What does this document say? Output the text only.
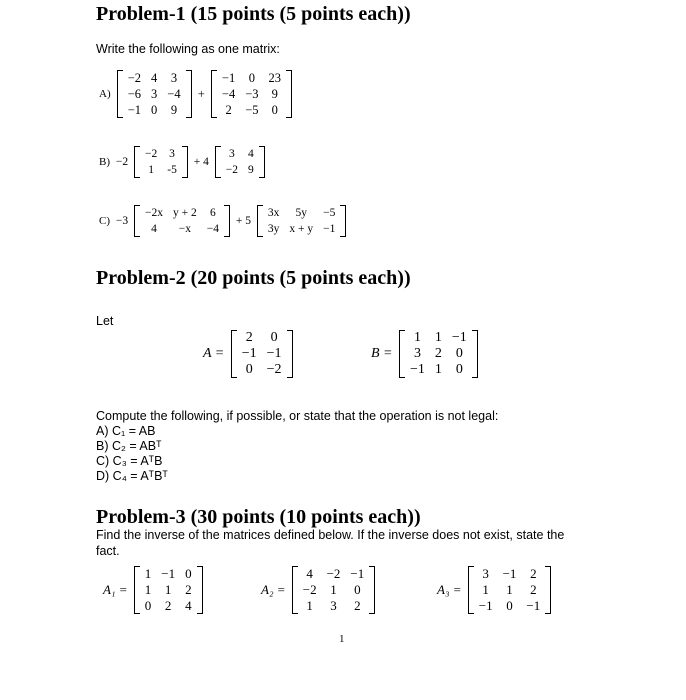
Problem-1 (15 points (5 points each))
Write the following as one matrix:
A)
−2	4	3
−6	3	−4
−1	0	9
+
−1	0	23
−4	−3	9
2	−5	0
B) −2
−2	3
1	-5
+ 4
3	4
−2	9
C) −3
−2x	y + 2	6
4	−x	−4
+ 5
3x	5y	−5
3y	x + y	−1
Problem-2 (20 points (5 points each))
Let
A =
2	0
−1	−1
0	−2
B =
1	1	−1
3	2	0
−1	1	0
Compute the following, if possible, or state that the operation is not legal:
A) C₁ = AB
B) C₂ = ABᵀ
C) C₃ = AᵀB
D) C₄ = AᵀBᵀ
Problem-3 (30 points (10 points each))
Find the inverse of the matrices defined below. If the inverse does not exist, state the
fact.
A₁ =
1	−1	0
1	1	2
0	2	4
A₂ =
4	−2	−1
−2	1	0
1	3	2
A₃ =
3	−1	2
1	1	2
−1	0	−1
1
